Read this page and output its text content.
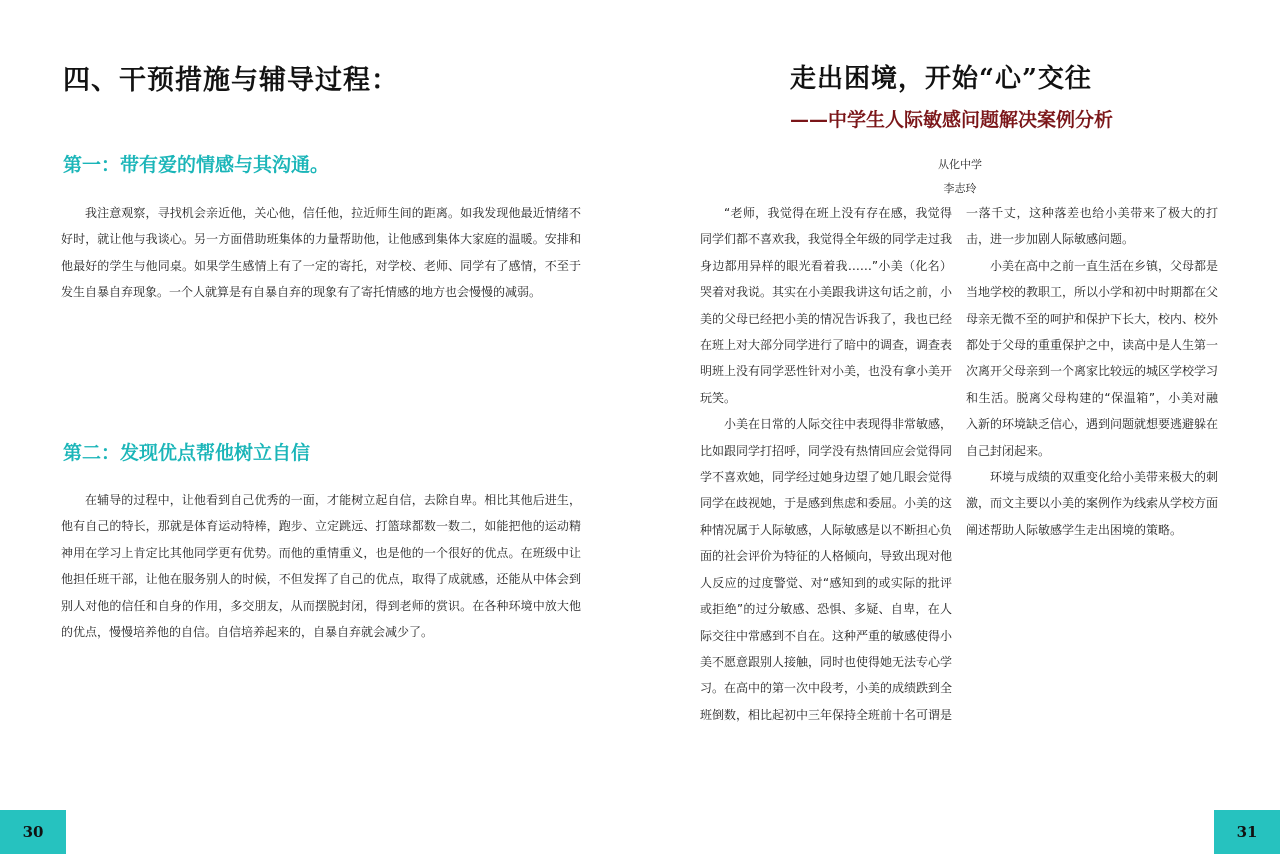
四、干预措施与辅导过程：
第一：带有爱的情感与其沟通。

我注意观察，寻找机会亲近他，关心他，信任他，拉近师生间的距离。如我发现他最近情绪不好时，就让他与我谈心。另一方面借助班集体的力量帮助他，让他感到集体大家庭的温暖。安排和他最好的学生与他同桌。如果学生感情上有了一定的寄托，对学校、老师、同学有了感情，不至于发生自暴自弃现象。一个人就算是有自暴自弃的现象有了寄托情感的地方也会慢慢的减弱。

第二：发现优点帮他树立自信

在辅导的过程中，让他看到自己优秀的一面，才能树立起自信，去除自卑。相比其他后进生，他有自己的特长，那就是体育运动特棒，跑步、立定跳远、打篮球都数一数二，如能把他的运动精神用在学习上肯定比其他同学更有优势。而他的重情重义，也是他的一个很好的优点。在班级中让他担任班干部，让他在服务别人的时候，不但发挥了自己的优点，取得了成就感，还能从中体会到别人对他的信任和自身的作用，多交朋友，从而摆脱封闭，得到老师的赏识。在各种环境中放大他的优点，慢慢培养他的自信。自信培养起来的，自暴自弃就会减少了。

30
走出困境，开始“心”交往
——中学生人际敏感问题解决案例分析

从化中学

李志玲

“老师，我觉得在班上没有存在感，我觉得同学们都不喜欢我，我觉得全年级的同学走过我身边都用异样的眼光看着我……”小美（化名）哭着对我说。其实在小美跟我讲这句话之前，小美的父母已经把小美的情况告诉我了，我也已经在班上对大部分同学进行了暗中的调查，调查表明班上没有同学恶性针对小美，也没有拿小美开玩笑。

小美在日常的人际交往中表现得非常敏感，比如跟同学打招呼，同学没有热情回应会觉得同学不喜欢她，同学经过她身边望了她几眼会觉得同学在歧视她，于是感到焦虑和委屈。小美的这种情况属于人际敏感，人际敏感是以不断担心负面的社会评价为特征的人格倾向，导致出现对他人反应的过度警觉、对“感知到的或实际的批评或拒绝”的过分敏感、恐惧、多疑、自卑，在人际交往中常感到不自在。这种严重的敏感使得小美不愿意跟别人接触，同时也使得她无法专心学习。在高中的第一次中段考，小美的成绩跌到全班倒数，相比起初中三年保持全班前十名可谓是

一落千丈，这种落差也给小美带来了极大的打击，进一步加剧人际敏感问题。

小美在高中之前一直生活在乡镇，父母都是当地学校的教职工，所以小学和初中时期都在父母亲无微不至的呵护和保护下长大，校内、校外都处于父母的重重保护之中，读高中是人生第一次离开父母亲到一个离家比较远的城区学校学习和生活。脱离父母构建的“保温箱”，小美对融入新的环境缺乏信心，遇到问题就想要逃避躲在自己封闭起来。

环境与成绩的双重变化给小美带来极大的刺激，而文主要以小美的案例作为线索从学校方面阐述帮助人际敏感学生走出困境的策略。

31
